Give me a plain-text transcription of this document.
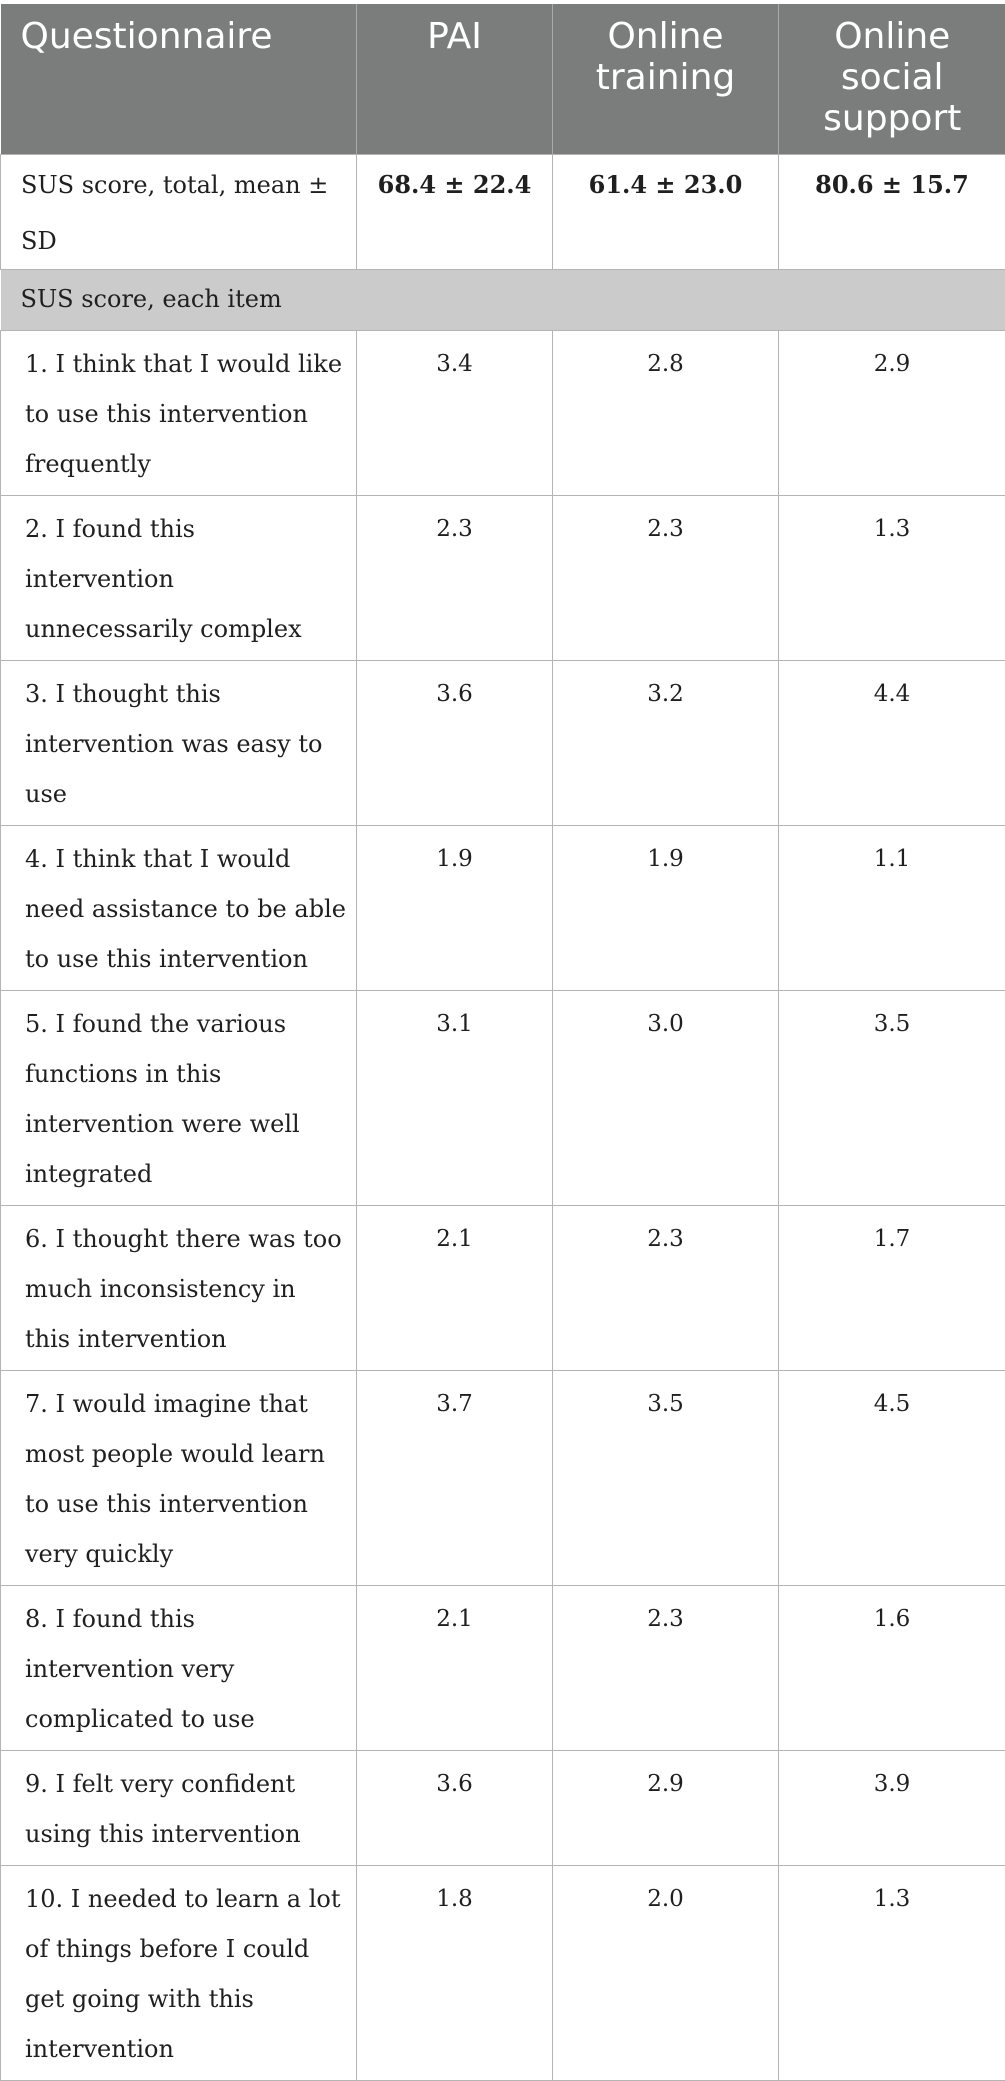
Questionnaire	PAI	Online training	Online social support
SUS score, total, mean ± SD	68.4 ± 22.4	61.4 ± 23.0	80.6 ± 15.7
SUS score, each item			
1. I think that I would like to use this intervention frequently	3.4	2.8	2.9
2. I found this intervention unnecessarily complex	2.3	2.3	1.3
3. I thought this intervention was easy to use	3.6	3.2	4.4
4. I think that I would need assistance to be able to use this intervention	1.9	1.9	1.1
5. I found the various functions in this intervention were well integrated	3.1	3.0	3.5
6. I thought there was too much inconsistency in this intervention	2.1	2.3	1.7
7. I would imagine that most people would learn to use this intervention very quickly	3.7	3.5	4.5
8. I found this intervention very complicated to use	2.1	2.3	1.6
9. I felt very confident using this intervention	3.6	2.9	3.9
10. I needed to learn a lot of things before I could get going with this intervention	1.8	2.0	1.3
